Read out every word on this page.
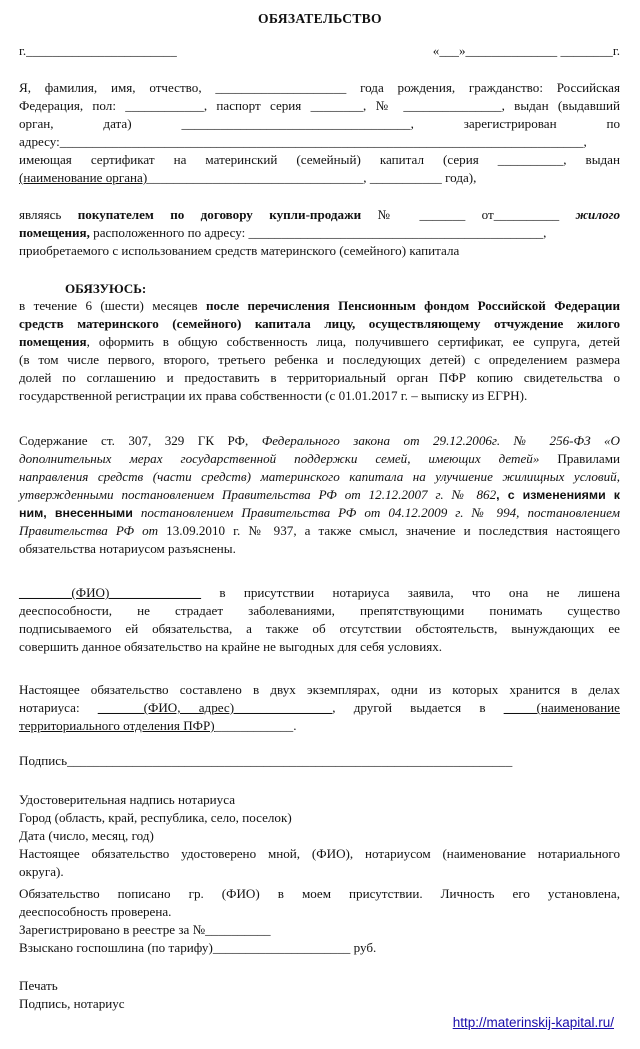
ОБЯЗАТЕЛЬСТВО
г._______________________	«___»______________ ________г.
Я, фамилия, имя, отчество, ____________________ года рождения, гражданство: Российская
Федерация, пол: ____________, паспорт серия ________, № _______________, выдан (выдавший
орган, дата) ___________________________________, зарегистрирован по
адресу:________________________________________________________________________________,
имеющая сертификат на материнский (семейный) капитал (серия __________, выдан
(наименование органа)_________________________________, ___________ года),
являясь покупателем по договору купли-продажи № _______ от__________ жилого
помещения, расположенного по адресу: _____________________________________________,
приобретаемого с использованием средств материнского (семейного) капитала
ОБЯЗУЮСЬ:
в течение 6 (шести) месяцев после перечисления Пенсионным фондом Российской Федерации
средств материнского (семейного) капитала лицу, осуществляющему отчуждение жилого
помещения, оформить в общую собственность лица, получившего сертификат, ее супруга, детей
(в том числе первого, второго, третьего ребенка и последующих детей) с определением размера
долей по соглашению и предоставить в территориальный орган ПФР копию свидетельства о
государственной регистрации их права собственности (с 01.01.2017 г. – выписку из ЕГРН).
Содержание ст. 307, 329 ГК РФ, Федерального закона от 29.12.2006г. № 256-ФЗ «О
дополнительных мерах государственной поддержки семей, имеющих детей» Правилами
направления средств (части средств) материнского капитала на улучшение жилищных условий,
утвержденными постановлением Правительства РФ от 12.12.2007 г. № 862, с изменениями к
ним, внесенными постановлением Правительства РФ от 04.12.2009 г. № 994, постановлением
Правительства РФ от 13.09.2010 г. № 937, а также смысл, значение и последствия настоящего
обязательства нотариусом разъяснены.
________(ФИО)______________ в присутствии нотариуса заявила, что она не лишена
дееспособности, не страдает заболеваниями, препятствующими понимать существо
подписываемого ей обязательства, а также об отсутствии обстоятельств, вынуждающих ее
совершить данное обязательство на крайне не выгодных для себя условиях.
Настоящее обязательство составлено в двух экземплярах, одни из которых хранится в делах
нотариуса: _______(ФИО, адрес)_______________, другой выдается в _____(наименование
территориального отделения ПФР)____________.
Подпись____________________________________________________________________
Удостоверительная надпись нотариуса
Город (область, край, республика, село, поселок)
Дата (число, месяц, год)
Настоящее обязательство удостоверено мной, (ФИО), нотариусом (наименование нотариального
округа).
Обязательство пописано гр. (ФИО) в моем присутствии. Личность его установлена,
дееспособность проверена.
Зарегистрировано в реестре за №__________
Взыскано госпошлина (по тарифу)_____________________ руб.
Печать
Подпись, нотариус
http://materinskij-kapital.ru/
